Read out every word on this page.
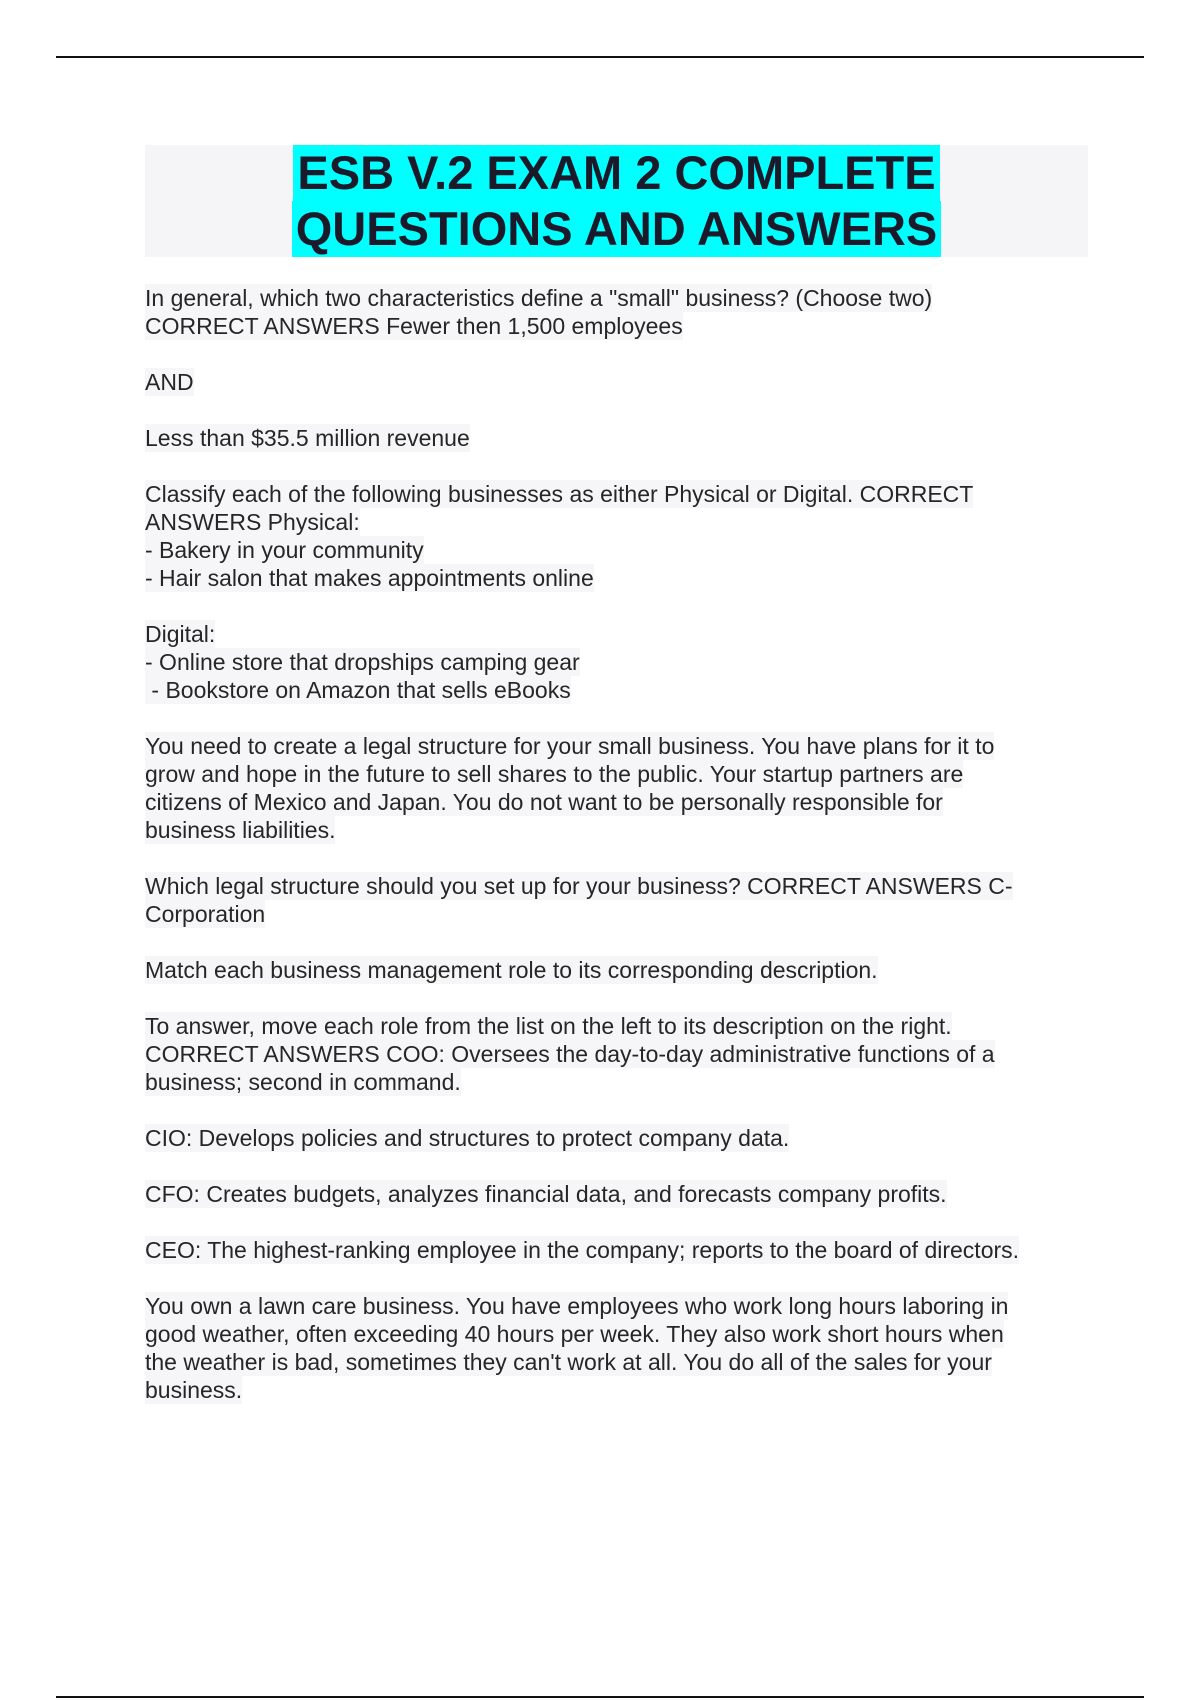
ESB V.2 EXAM 2 COMPLETE
QUESTIONS AND ANSWERS

In general, which two characteristics define a "small" business? (Choose two)
CORRECT ANSWERS Fewer then 1,500 employees

AND

Less than $35.5 million revenue

Classify each of the following businesses as either Physical or Digital. CORRECT
ANSWERS Physical:
- Bakery in your community
- Hair salon that makes appointments online

Digital:
- Online store that dropships camping gear
- Bookstore on Amazon that sells eBooks

You need to create a legal structure for your small business. You have plans for it to
grow and hope in the future to sell shares to the public. Your startup partners are
citizens of Mexico and Japan. You do not want to be personally responsible for
business liabilities.

Which legal structure should you set up for your business? CORRECT ANSWERS C-
Corporation

Match each business management role to its corresponding description.

To answer, move each role from the list on the left to its description on the right.
CORRECT ANSWERS COO: Oversees the day-to-day administrative functions of a
business; second in command.

CIO: Develops policies and structures to protect company data.

CFO: Creates budgets, analyzes financial data, and forecasts company profits.

CEO: The highest-ranking employee in the company; reports to the board of directors.

You own a lawn care business. You have employees who work long hours laboring in
good weather, often exceeding 40 hours per week. They also work short hours when
the weather is bad, sometimes they can't work at all. You do all of the sales for your
business.
